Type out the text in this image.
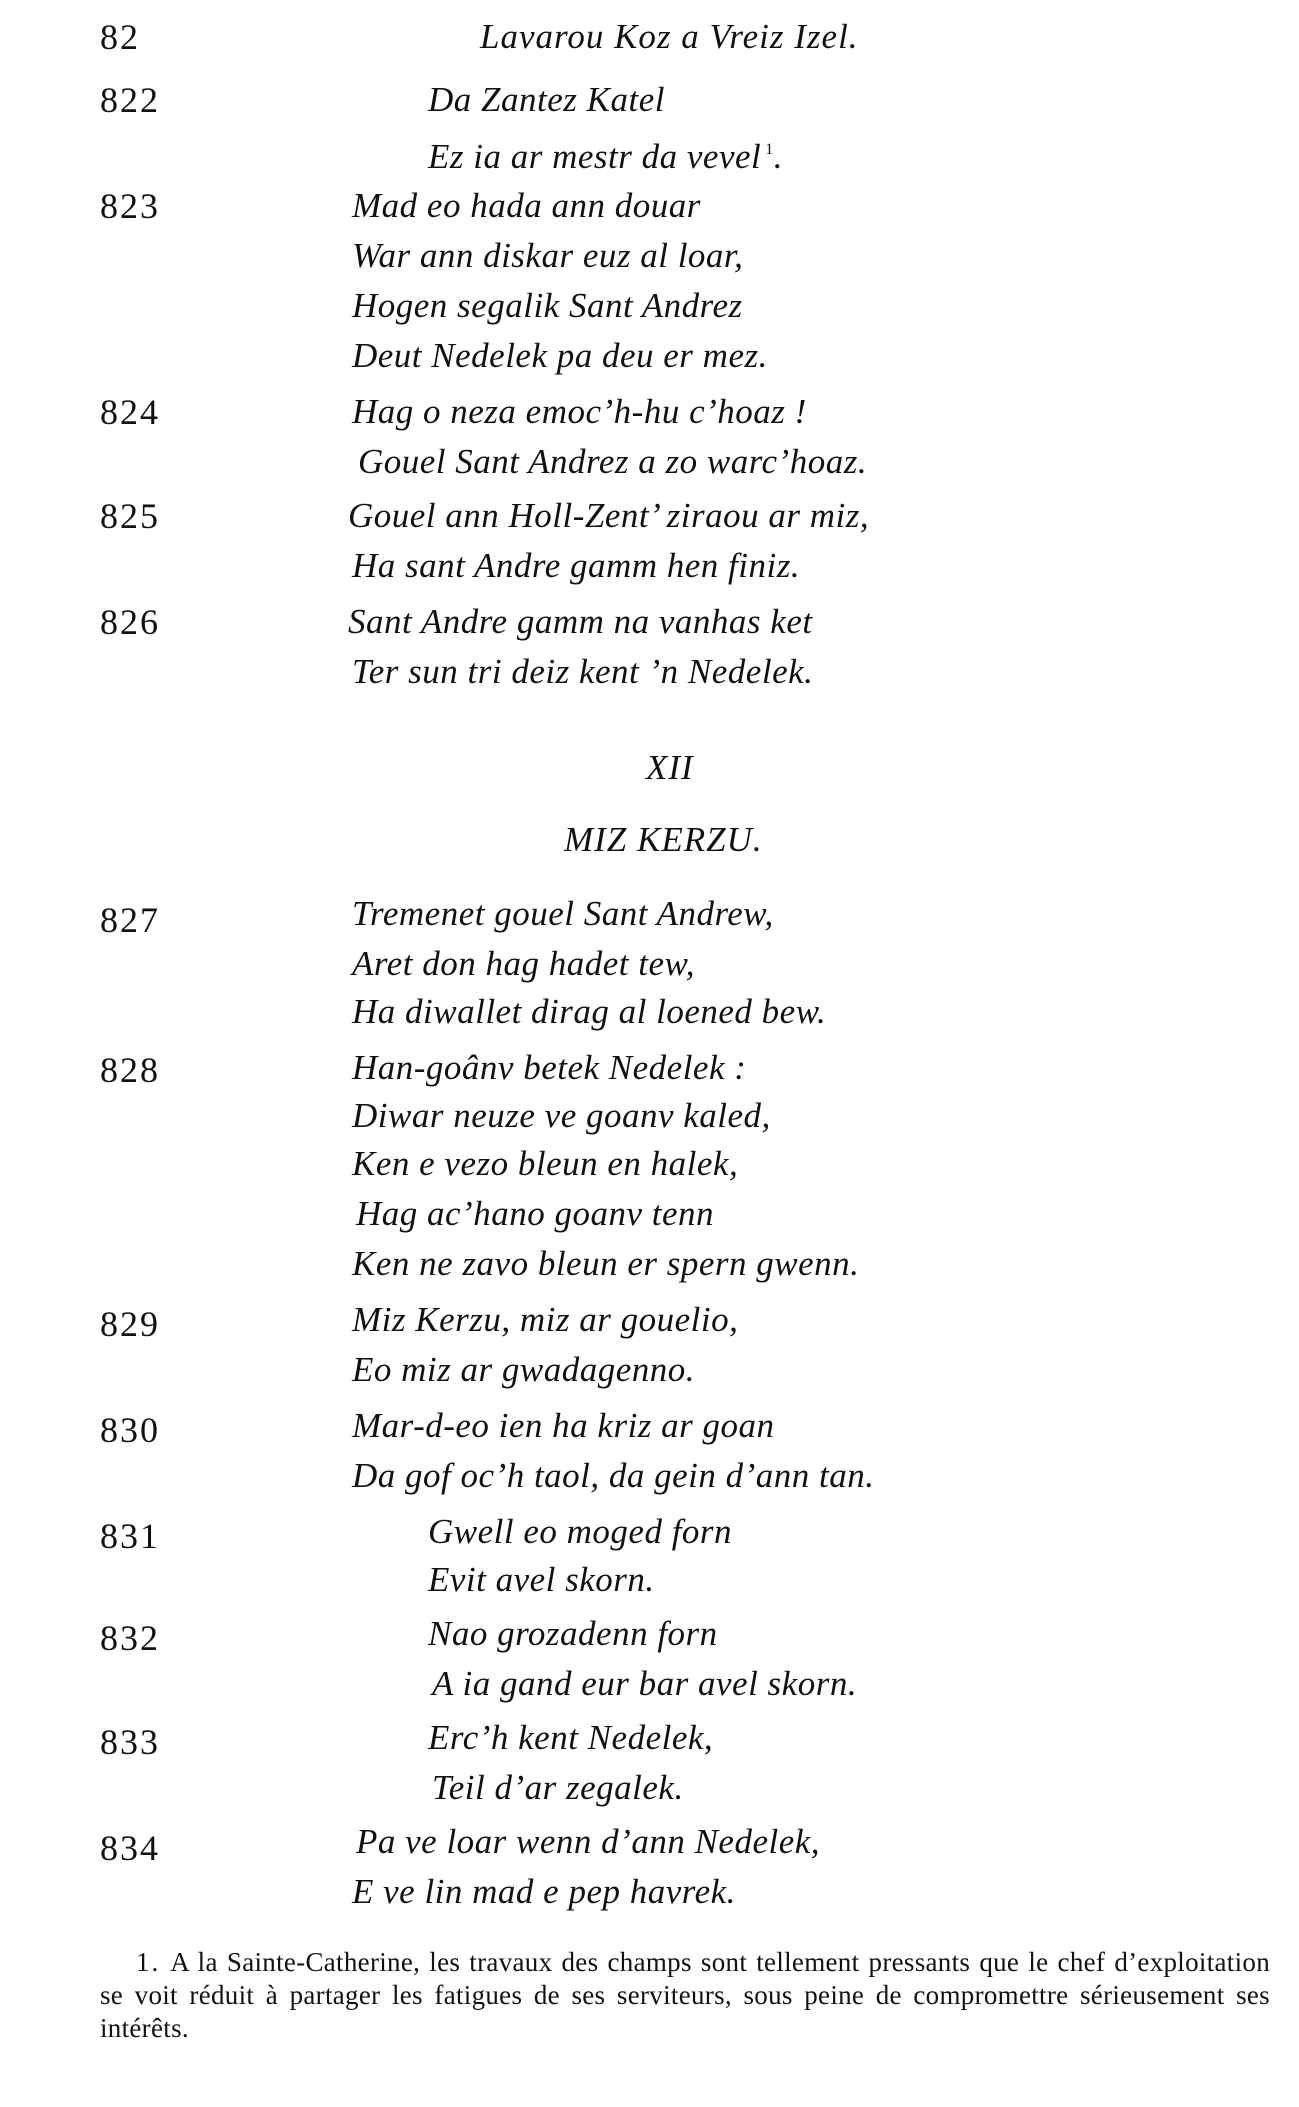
82	Lavarou Koz a Vreiz Izel.
822	Da Zantez Katel
Ez ia ar mestr da vevel $^1$.
823	Mad eo hada ann douar
War ann diskar euz al loar,
Hogen segalik Sant Andrez
Deut Nedelek pa deu er mez.
824	Hag o neza emoc’h-hu c’hoaz !
Gouel Sant Andrez a zo warc’hoaz.
825	Gouel ann Holl-Zent’ ziraou ar miz,
Ha sant Andre gamm hen finiz.
826	Sant Andre gamm na vanhas ket
Ter sun tri deiz kent ’n Nedelek.
XII
MIZ KERZU.
827	Tremenet gouel Sant Andrew,
Aret don hag hadet tew,
Ha diwallet dirag al loened bew.
828	Han-goânv betek Nedelek :
Diwar neuze ve goanv kaled,
Ken e vezo bleun en halek,
Hag ac’hano goanv tenn
Ken ne zavo bleun er spern gwenn.
829	Miz Kerzu, miz ar gouelio,
Eo miz ar gwadagenno.
830	Mar-d-eo ien ha kriz ar goan
Da gof oc’h taol, da gein d’ann tan.
831	Gwell eo moged forn
Evit avel skorn.
832	Nao grozadenn forn
A ia gand eur bar avel skorn.
833	Erc’h kent Nedelek,
Teil d’ar zegalek.
834	Pa ve loar wenn d’ann Nedelek,
E ve lin mad e pep havrek.
1. A la Sainte-Catherine, les travaux des champs sont tellement pressants que le chef d’exploitation se voit réduit à partager les fatigues de ses serviteurs, sous peine de compromettre sérieusement ses intérêts.
